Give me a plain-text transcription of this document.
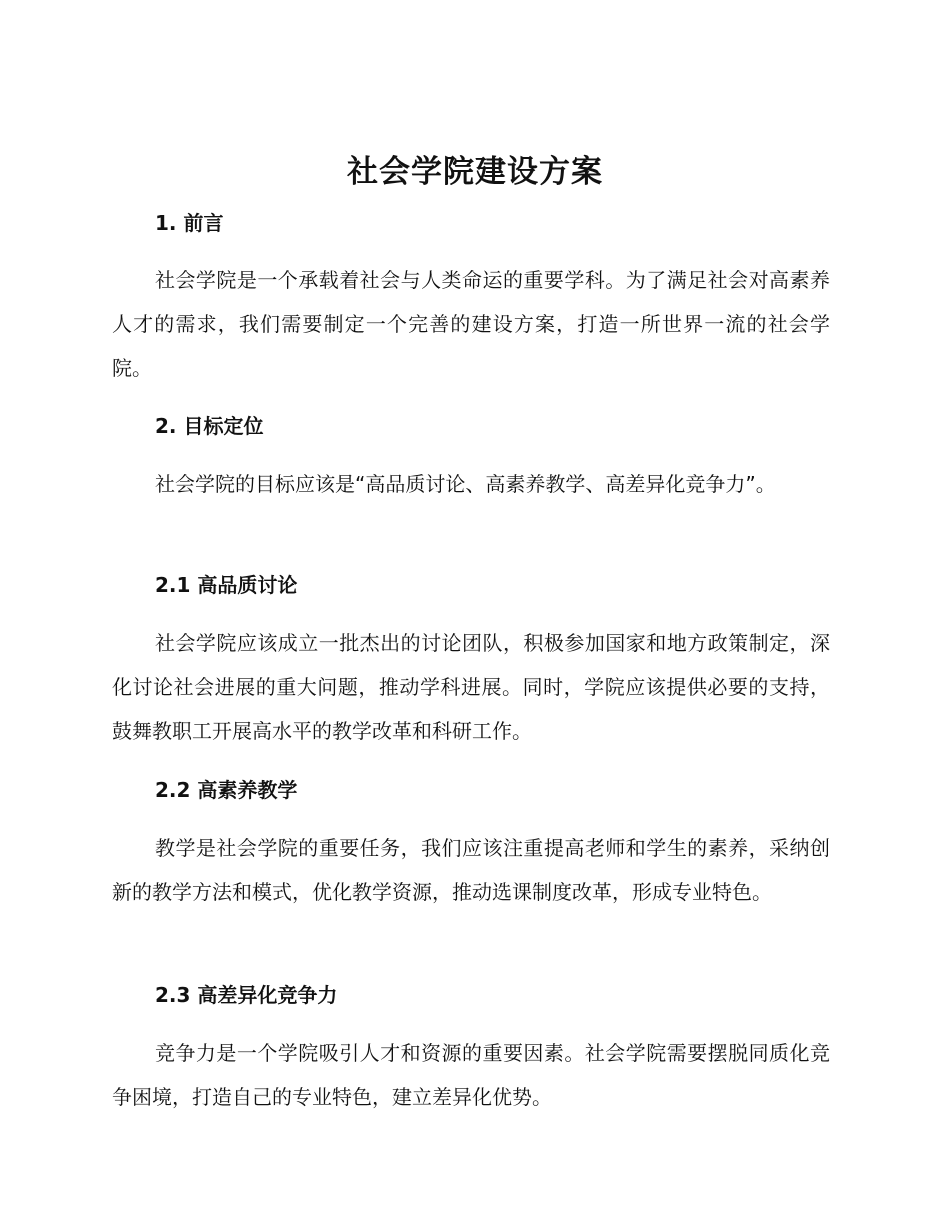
社会学院建设方案
1. 前言

社会学院是一个承载着社会与人类命运的重要学科。为了满足社会对高素养人才的需求，我们需要制定一个完善的建设方案，打造一所世界一流的社会学院。

2. 目标定位

社会学院的目标应该是“高品质讨论、高素养教学、高差异化竞争力”。

2.1 高品质讨论

社会学院应该成立一批杰出的讨论团队，积极参加国家和地方政策制定，深化讨论社会进展的重大问题，推动学科进展。同时，学院应该提供必要的支持，鼓舞教职工开展高水平的教学改革和科研工作。

2.2 高素养教学

教学是社会学院的重要任务，我们应该注重提高老师和学生的素养，采纳创新的教学方法和模式，优化教学资源，推动选课制度改革，形成专业特色。

2.3 高差异化竞争力

竞争力是一个学院吸引人才和资源的重要因素。社会学院需要摆脱同质化竞争困境，打造自己的专业特色，建立差异化优势。
